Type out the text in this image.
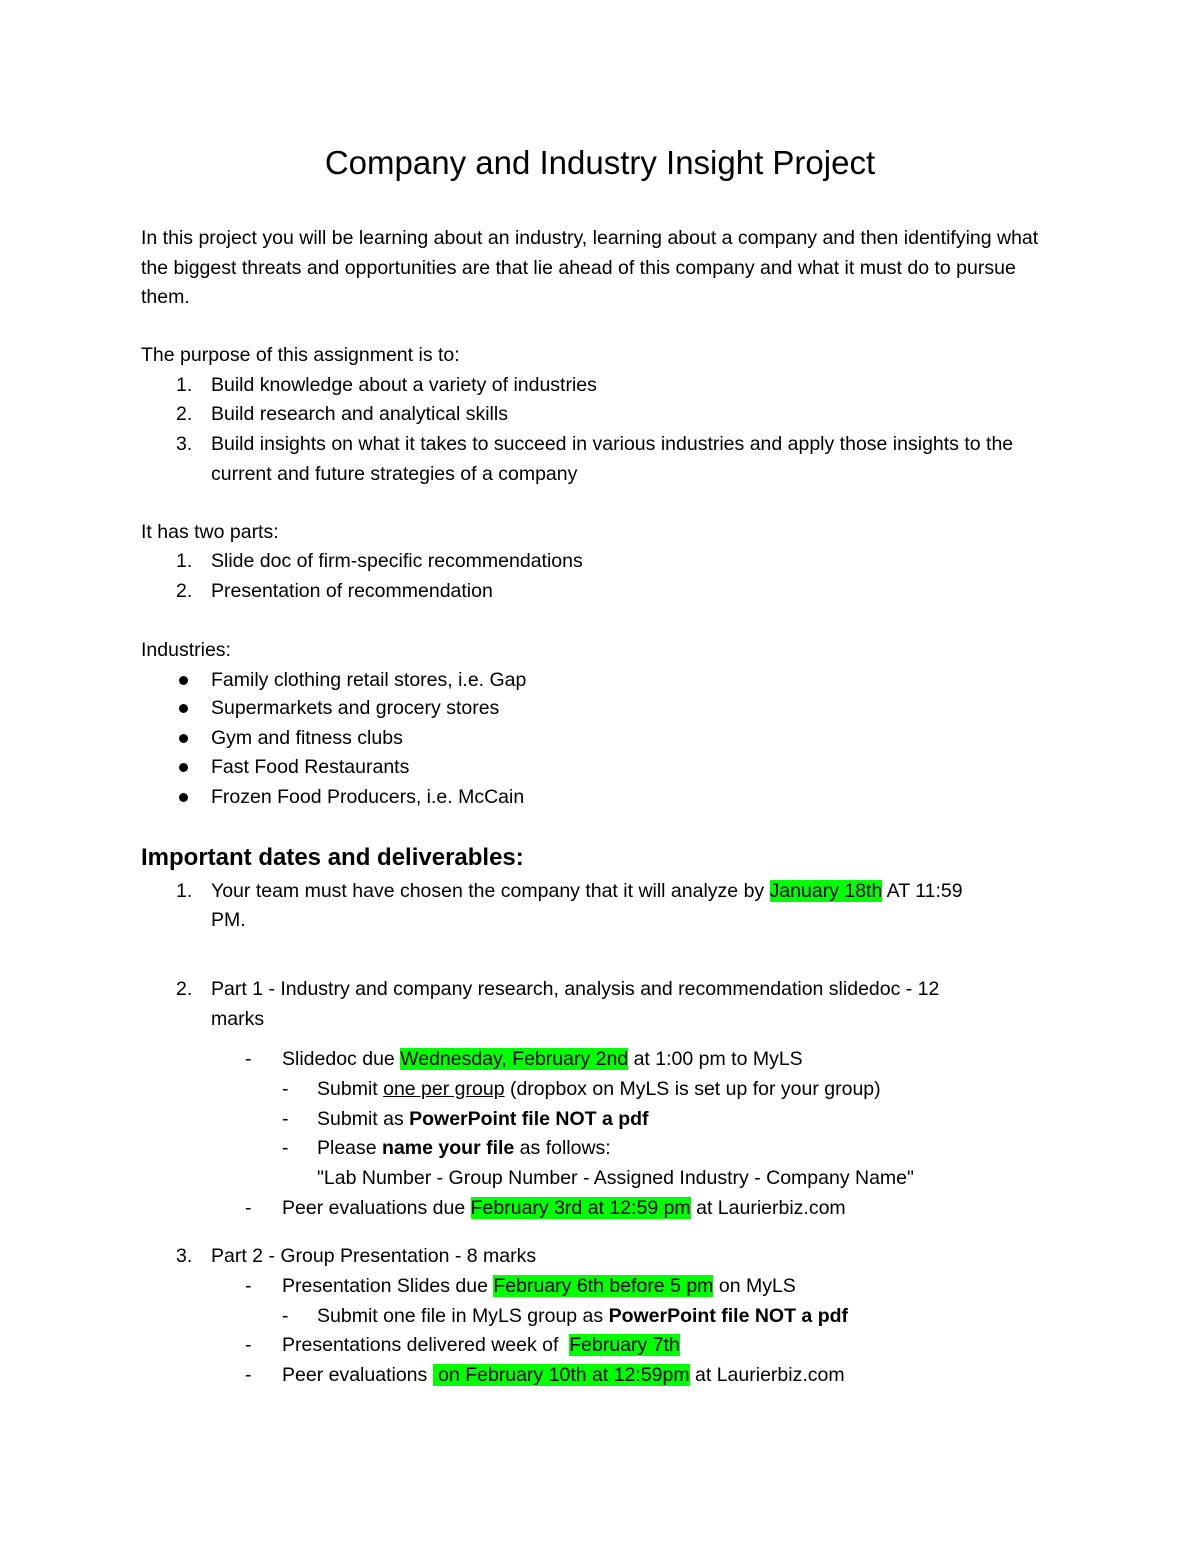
Company and Industry Insight Project

In this project you will be learning about an industry, learning about a company and then identifying what the biggest threats and opportunities are that lie ahead of this company and what it must do to pursue them.

The purpose of this assignment is to:
1. Build knowledge about a variety of industries
2. Build research and analytical skills
3. Build insights on what it takes to succeed in various industries and apply those insights to the current and future strategies of a company
It has two parts:
1. Slide doc of firm-specific recommendations
2. Presentation of recommendation
Industries:
Family clothing retail stores, i.e. Gap
Supermarkets and grocery stores
Gym and fitness clubs
Fast Food Restaurants
Frozen Food Producers, i.e. McCain
Important dates and deliverables:
1. Your team must have chosen the company that it will analyze by January 18th AT 11:59
PM.
2. Part 1 - Industry and company research, analysis and recommendation slidedoc - 12
marks
- Slidedoc due Wednesday, February 2nd at 1:00 pm to MyLS
- Submit one per group (dropbox on MyLS is set up for your group)
- Submit as PowerPoint file NOT a pdf
- Please name your file as follows:
"Lab Number - Group Number - Assigned Industry - Company Name"
- Peer evaluations due February 3rd at 12:59 pm at Laurierbiz.com
3. Part 2 - Group Presentation - 8 marks
- Presentation Slides due February 6th before 5 pm on MyLS
- Submit one file in MyLS group as PowerPoint file NOT a pdf
- Presentations delivered week of  February 7th
- Peer evaluations  on February 10th at 12:59pm at Laurierbiz.com
